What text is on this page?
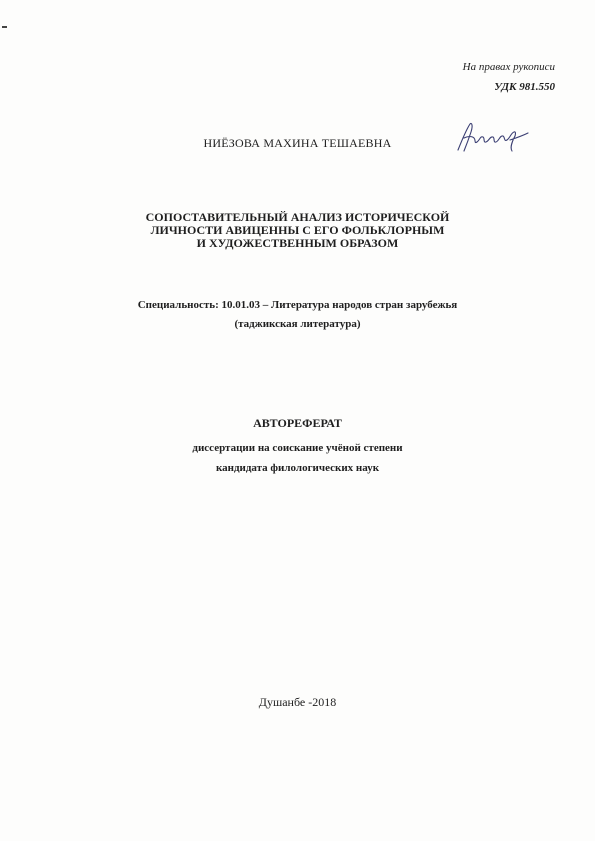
На правах рукописи
УДК 981.550
НИЁЗОВА МАХИНА ТЕШАЕВНА
СОПОСТАВИТЕЛЬНЫЙ АНАЛИЗ ИСТОРИЧЕСКОЙ
ЛИЧНОСТИ АВИЦЕННЫ С ЕГО ФОЛЬКЛОРНЫМ
И ХУДОЖЕСТВЕННЫМ ОБРАЗОМ
Специальность: 10.01.03 – Литература народов стран зарубежья
(таджикская литература)
АВТОРЕФЕРАТ
диссертации на соискание учёной степени
кандидата филологических наук
Душанбе -2018
